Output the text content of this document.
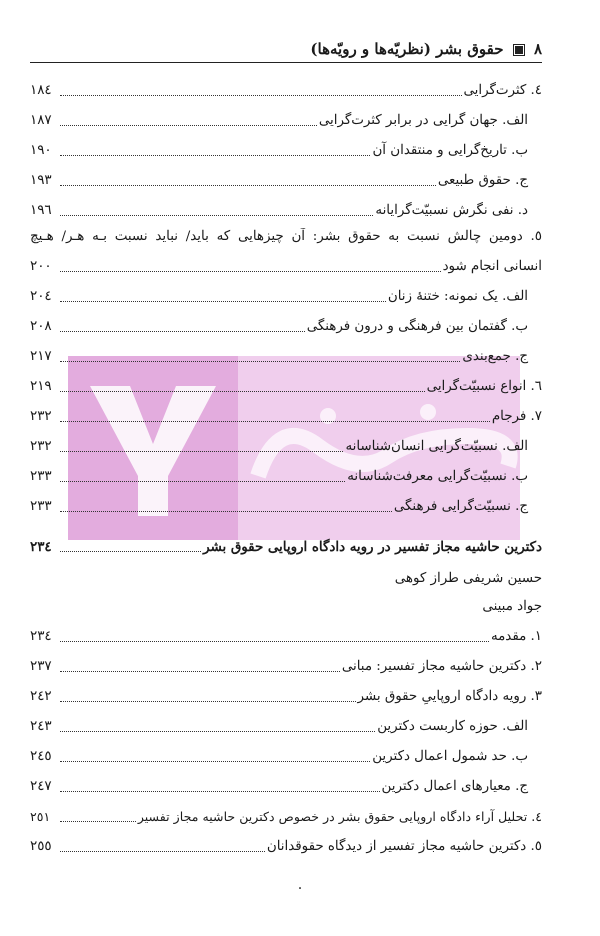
۸  حقوق بشر (نظریّه‌ها و رویّه‌ها)
٤. کثرت‌گرایی
١٨٤
الف. جهان گرایی در برابر کثرت‌گرایی
١٨٧
ب. تاریخ‌گرایی و منتقدان آن
١٩٠
ج. حقوق طبیعی
١٩٣
د. نفی نگرش نسبیّت‌گرایانه
١٩٦
٥. دومین چالش نسبت به حقوق بشر: آن چیزهایی که باید/ نباید نسبت بـه هـر/ هـیچ
انسانی انجام شود
٢٠٠
الف. یک نمونه: ختنهٔ زنان
٢٠٤
ب. گفتمان بین فرهنگی و درون فرهنگی
٢٠٨
ج. جمع‌بندی
٢١٧
٦. انواع نسبیّت‌گرایی
٢١٩
٧. فرجام
٢٣٢
الف. نسبیّت‌گرایی انسان‌شناسانه
٢٣٢
ب. نسبیّت‌گرایی معرفت‌شناسانه
٢٣٣
ج. نسبیّت‌گرایی فرهنگی
٢٣٣
دکترین حاشیه مجاز تفسیر در رویه دادگاه اروپایی حقوق بشر
٢٣٤
حسین شریفی طراز کوهی
جواد مبینی
١. مقدمه
٢٣٤
٢. دکترین حاشیه مجاز تفسیر: مبانی
٢٣٧
٣. رویه دادگاه اروپاییِ حقوق بشر
٢٤٢
الف. حوزه کاربست دکترین
٢٤٣
ب. حد شمول اعمال دکترین
٢٤٥
ج. معیارهای اعمال دکترین
٢٤٧
٤. تحلیل آراء دادگاه اروپایی حقوق بشر در خصوص دکترین حاشیه مجاز تفسیر
٢٥١
٥. دکترین حاشیه مجاز تفسیر از دیدگاه حقوقدانان
٢٥٥
٠
